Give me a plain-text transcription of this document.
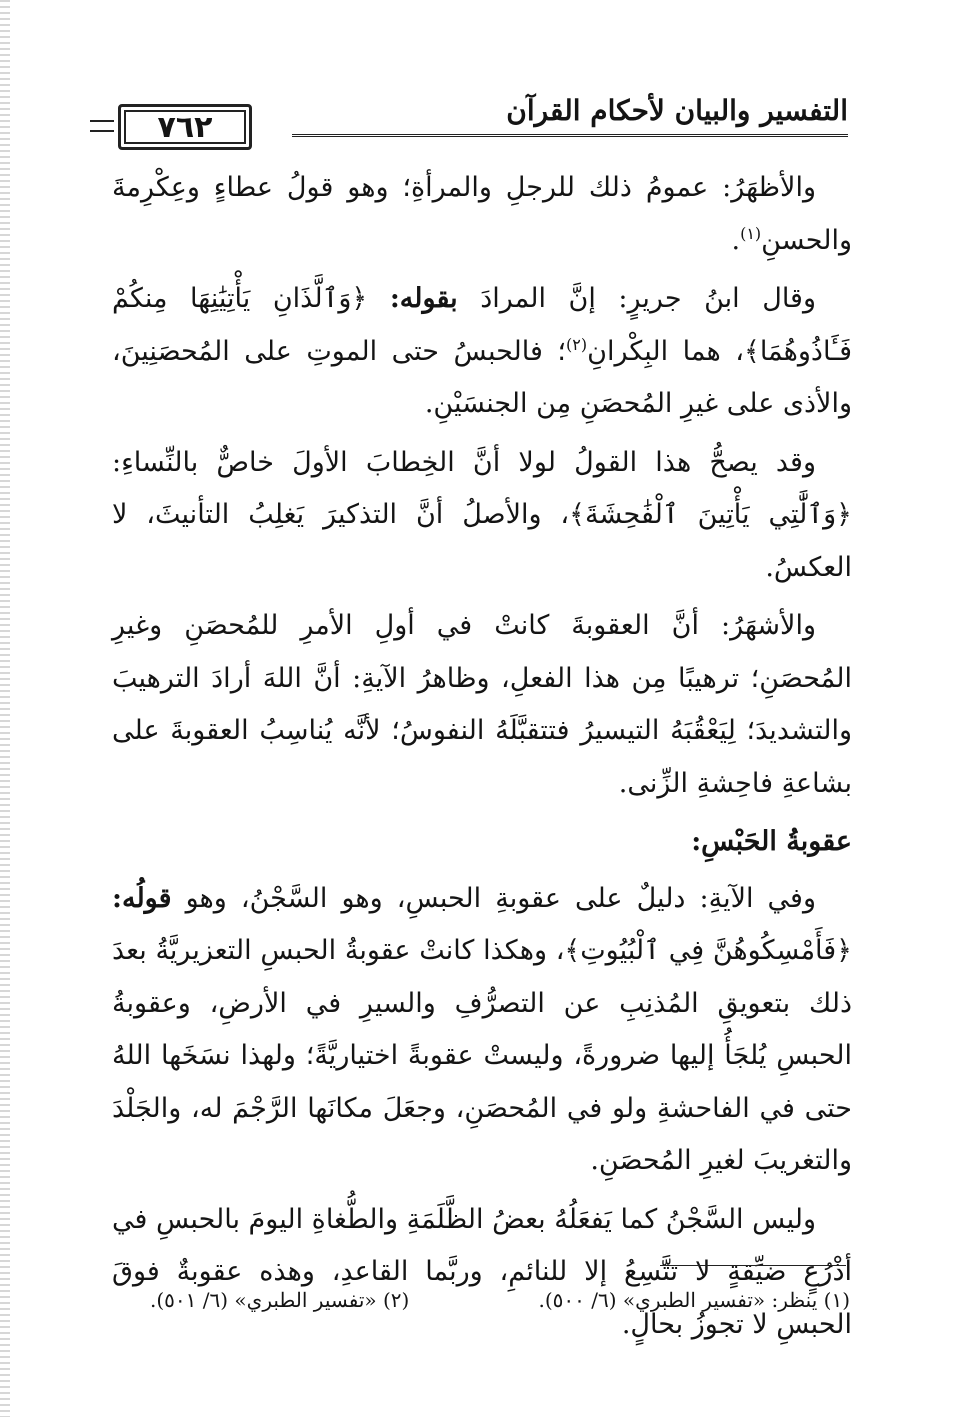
التفسير والبيان لأحكام القرآن
٧٦٢

والأظهَرُ: عمومُ ذلك للرجلِ والمرأةِ؛ وهو قولُ عطاءٍ وعِكْرِمةَ والحسنِ$^{(١)}$.

وقال ابنُ جريرٍ: إنَّ المرادَ بقوله: ﴿وَٱلَّذَانِ يَأْتِيَٰنِهَا مِنكُمْ فَـَٔاذُوهُمَا﴾، هما البِكْرانِ$^{(٢)}$؛ فالحبسُ حتى الموتِ على المُحصَنِينَ، والأذى على غيرِ المُحصَنِ مِن الجنسَيْنِ.

وقد يصحُّ هذا القولُ لولا أنَّ الخِطابَ الأولَ خاصٌّ بالنِّساءِ: ﴿وَٱلَّٰتِي يَأْتِينَ ٱلْفَٰحِشَةَ﴾، والأصلُ أنَّ التذكيرَ يَغلِبُ التأنيثَ، لا العكسُ.

والأشهَرُ: أنَّ العقوبةَ كانتْ في أولِ الأمرِ للمُحصَنِ وغيرِ المُحصَنِ؛ ترهيبًا مِن هذا الفعلِ، وظاهرُ الآيةِ: أنَّ اللهَ أرادَ الترهيبَ والتشديدَ؛ لِيَعْقُبَهُ التيسيرُ فتتقبَّلَهُ النفوسُ؛ لأنَّه يُناسِبُ العقوبةَ على بشاعةِ فاحِشةِ الزِّنى.

عقوبةُ الحَبْسِ:

وفي الآيةِ: دليلٌ على عقوبةِ الحبسِ، وهو السَّجْنُ، وهو قولُه: ﴿فَأَمْسِكُوهُنَّ فِي ٱلْبُيُوتِ﴾، وهكذا كانتْ عقوبةُ الحبسِ التعزيريَّةُ بعدَ ذلك بتعويقِ المُذنِبِ عن التصرُّفِ والسيرِ في الأرضِ، وعقوبةُ الحبسِ يُلجَأُ إليها ضرورةً، وليستْ عقوبةً اختياريَّةً؛ ولهذا نسَخَها اللهُ حتى في الفاحشةِ ولو في المُحصَنِ، وجعَلَ مكانَها الرَّجْمَ له، والجَلْدَ والتغريبَ لغيرِ المُحصَنِ.

وليس السَّجْنُ كما يَفعَلُهُ بعضُ الظَّلَمَةِ والطُّغاةِ اليومَ بالحبسِ في أذْرُعٍ ضيِّقةٍ لا تتَّسِعُ إلا للنائمِ، وربَّما القاعدِ، وهذه عقوبةٌ فوقَ الحبسِ لا تجوزُ بحالٍ.

(١) ينظر: «تفسير الطبري» (٦/ ٥٠٠).
(٢) «تفسير الطبري» (٦/ ٥٠١).
